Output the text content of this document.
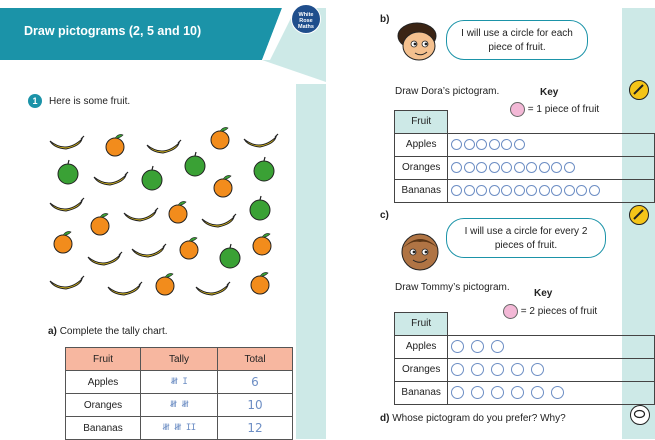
Draw pictograms (2, 5 and 10)
White
Rose
Maths
1	Here is some fruit.
a) Complete the tally chart.
Fruit	Tally	Total
Apples	𝍸 I	6
Oranges	𝍸 𝍸	10
Bananas	𝍸 𝍸 II	12
b)
I will use a circle for each piece of fruit.
Draw Dora’s pictogram.	Key
= 1 piece of fruit
Fruit	
Apples	
Oranges	
Bananas	
c)
I will use a circle for every 2 pieces of fruit.
Draw Tommy’s pictogram.
Key
= 2 pieces of fruit
Fruit	
Apples	
Oranges	
Bananas	
d) Whose pictogram do you prefer? Why?
